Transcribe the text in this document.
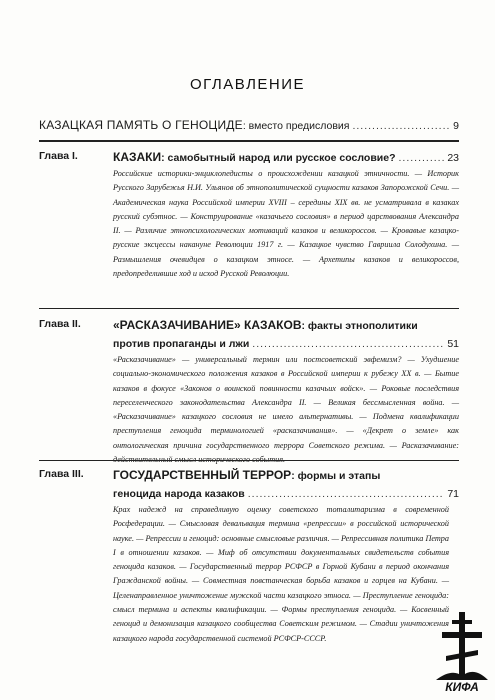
ОГЛАВЛЕНИЕ
КАЗАЦКАЯ ПАМЯТЬ О ГЕНОЦИДЕ : вместо предисловия .....	9
Глава I.	КАЗАКИ : самобытный народ или русское сословие? .....	23
Российские историки-энциклопедисты о происхождении казацкой этничности. — Историк Русского Зарубежья Н.И. Ульянов об этнополитической сущности казаков Запорожской Сечи. — Академическая наука Российской империи XVIII – середины XIX вв. не усматривала в казаках русский субэтнос. — Конструирование «казачьего сословия» в период царствования Александра II. — Различие этнопсихологических мотиваций казаков и великороссов. — Кровавые казацко-русские эксцессы накануне Революции 1917 г. — Казацкое чувство Гавриила Солодухина. — Размышления очевидцев о казацком этносе. — Архетипы казаков и великороссов, предопределившие ход и исход Русской Революции.
Глава II.	«РАСКАЗАЧИВАНИЕ» КАЗАКОВ: факты этнополитики
против пропаганды и лжи .....	51
«Расказачивание» — универсальный термин или постсоветский эвфемизм? — Ухудшение социально-экономического положения казаков в Российской империи к рубежу XX в. — Бытие казаков в фокусе «Законов о воинской повинности казачьих войск». — Роковые последствия переселенческого законодательства Александра II. — Великая бессмысленная война. — «Расказачивание» казацкого сословия не имело альтернативы. — Подмена квалификации преступления геноцида терминологией «расказачивания». — «Декрет о земле» как онтологическая причина государственного террора Советского режима. — Расказачивание:
Глава III. ГОСУДАРСТВЕННЫЙ ТЕРРОР: формы и этапы
геноцида народа казаков .....	71
Крах надежд на справедливую оценку советского тоталитаризма в современной Росфедерации. — Смысловая девальвация термина «репрессии» в российской исторической науке. — Репрессии и геноцид: основные смысловые различия. — Репрессивная политика Петра I в отношении казаков. — Миф об отсутствии документальных свидетельств события геноцида казаков. — Государственный террор РСФСР в Горной Кубани в период окончания Гражданской войны. — Совместная повстанческая борьба казаков и горцев на Кубани. — Целенаправленное уничтожение мужской части казацкого этноса. — Преступление геноцида: смысл термина и аспекты квалификации. — Формы преступления геноцида. — Косвенный геноцид и демонизация казацкого сообщества Советским режимом. — Стадии уничтожения казацкого народа государственной системой РСФСР-СССР.
КИФА
